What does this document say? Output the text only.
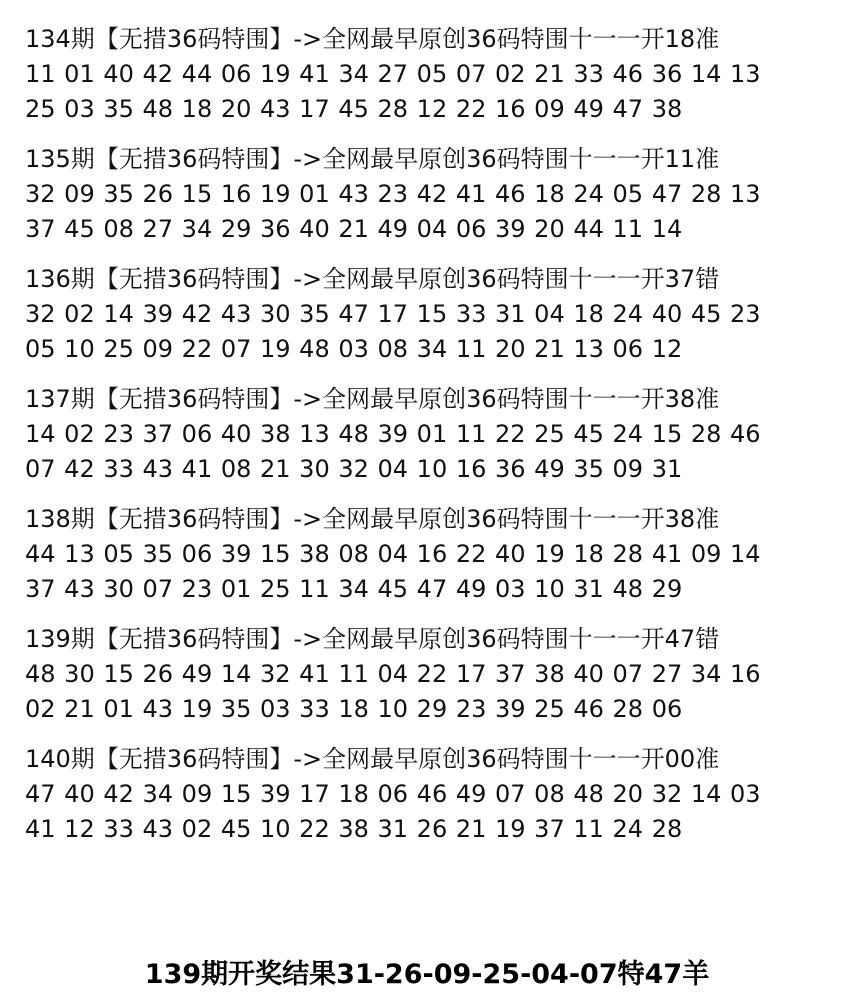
134期【无措36码特围】->全网最早原创36码特围十一一开18准
11 01 40 42 44 06 19 41 34 27 05 07 02 21 33 46 36 14 13
25 03 35 48 18 20 43 17 45 28 12 22 16 09 49 47 38
135期【无措36码特围】->全网最早原创36码特围十一一开11准
32 09 35 26 15 16 19 01 43 23 42 41 46 18 24 05 47 28 13
37 45 08 27 34 29 36 40 21 49 04 06 39 20 44 11 14
136期【无措36码特围】->全网最早原创36码特围十一一开37错
32 02 14 39 42 43 30 35 47 17 15 33 31 04 18 24 40 45 23
05 10 25 09 22 07 19 48 03 08 34 11 20 21 13 06 12
137期【无措36码特围】->全网最早原创36码特围十一一开38准
14 02 23 37 06 40 38 13 48 39 01 11 22 25 45 24 15 28 46
07 42 33 43 41 08 21 30 32 04 10 16 36 49 35 09 31
138期【无措36码特围】->全网最早原创36码特围十一一开38准
44 13 05 35 06 39 15 38 08 04 16 22 40 19 18 28 41 09 14
37 43 30 07 23 01 25 11 34 45 47 49 03 10 31 48 29
139期【无措36码特围】->全网最早原创36码特围十一一开47错
48 30 15 26 49 14 32 41 11 04 22 17 37 38 40 07 27 34 16
02 21 01 43 19 35 03 33 18 10 29 23 39 25 46 28 06
140期【无措36码特围】->全网最早原创36码特围十一一开00准
47 40 42 34 09 15 39 17 18 06 46 49 07 08 48 20 32 14 03
41 12 33 43 02 45 10 22 38 31 26 21 19 37 11 24 28
139期开奖结果31-26-09-25-04-07特47羊
